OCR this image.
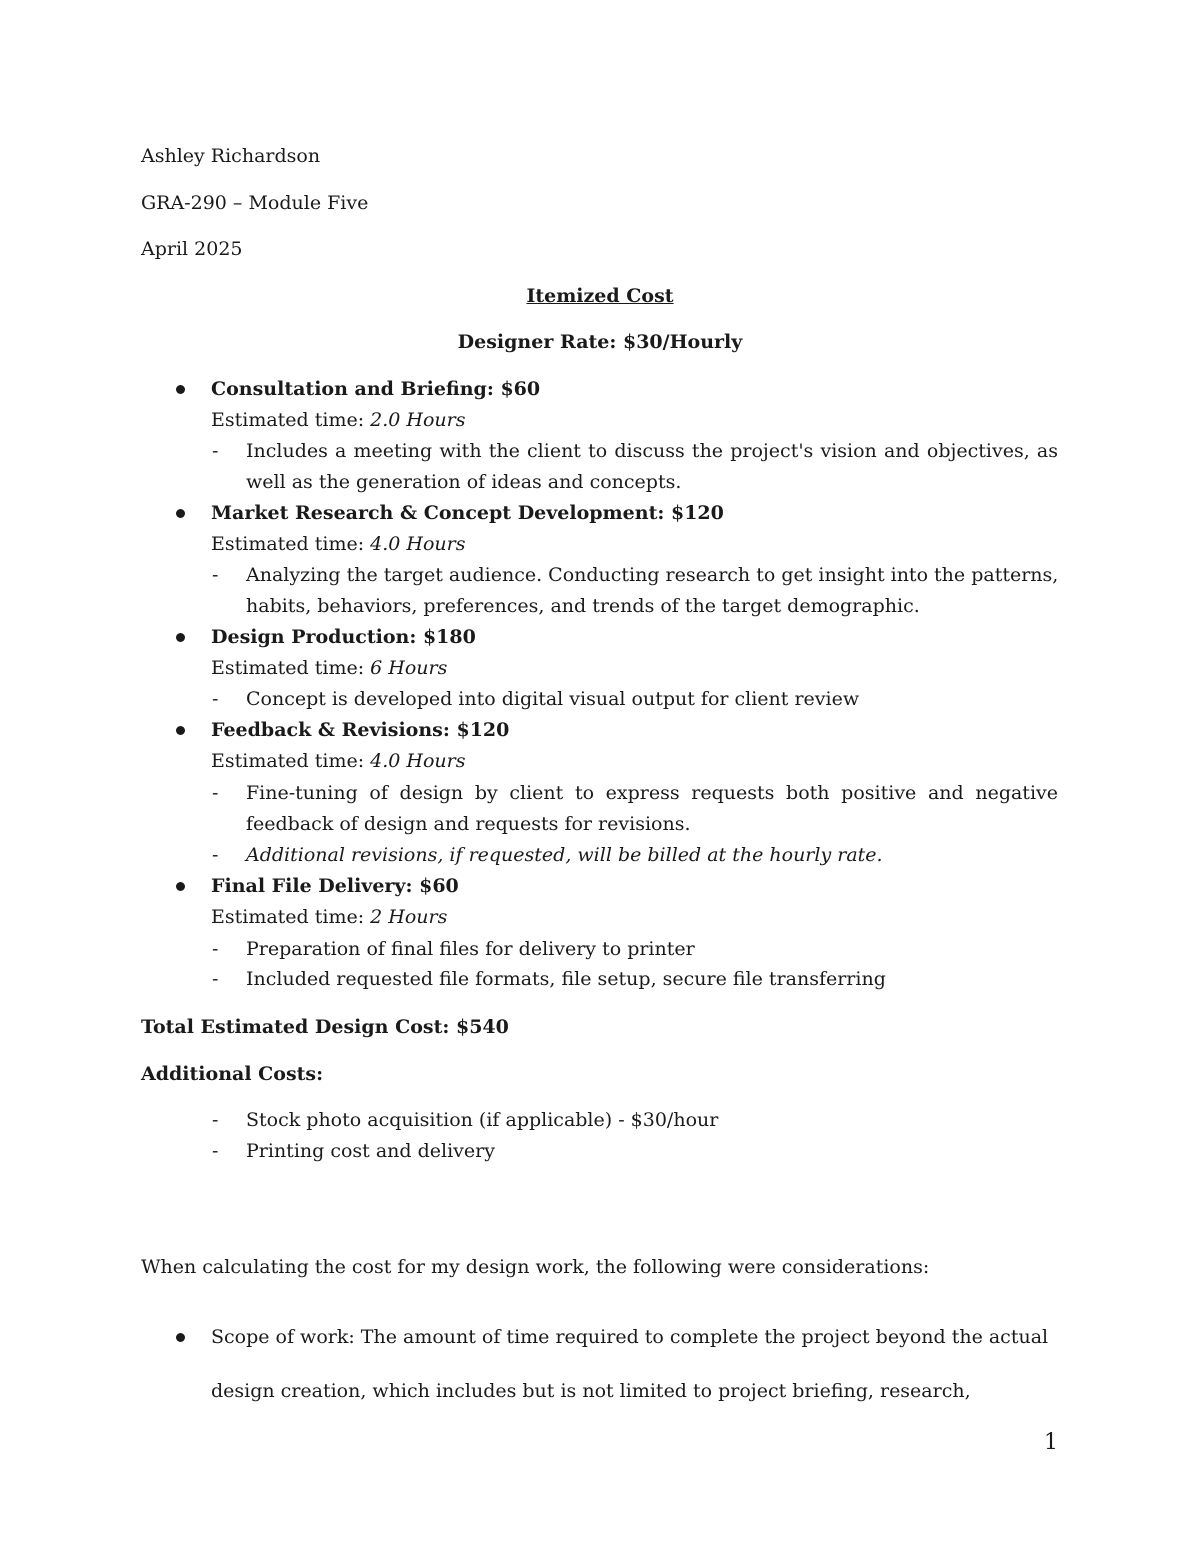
Ashley Richardson
GRA-290 – Module Five
April 2025
Itemized Cost
Designer Rate: $30/Hourly
Consultation and Briefing: $60
Estimated time: 2.0 Hours
- Includes a meeting with the client to discuss the project's vision and objectives, as
well as the generation of ideas and concepts.
Market Research & Concept Development: $120
Estimated time: 4.0 Hours
- Analyzing the target audience. Conducting research to get insight into the patterns,
habits, behaviors, preferences, and trends of the target demographic.
Design Production: $180
Estimated time: 6 Hours
- Concept is developed into digital visual output for client review
Feedback & Revisions: $120
Estimated time: 4.0 Hours
- Fine-tuning of design by client to express requests both positive and negative
feedback of design and requests for revisions.
- Additional revisions, if requested, will be billed at the hourly rate.
Final File Delivery: $60
Estimated time: 2 Hours
- Preparation of final files for delivery to printer
- Included requested file formats, file setup, secure file transferring
Total Estimated Design Cost: $540
Additional Costs:
- Stock photo acquisition (if applicable) - $30/hour
- Printing cost and delivery
When calculating the cost for my design work, the following were considerations:
Scope of work: The amount of time required to complete the project beyond the actual
design creation, which includes but is not limited to project briefing, research,
1
